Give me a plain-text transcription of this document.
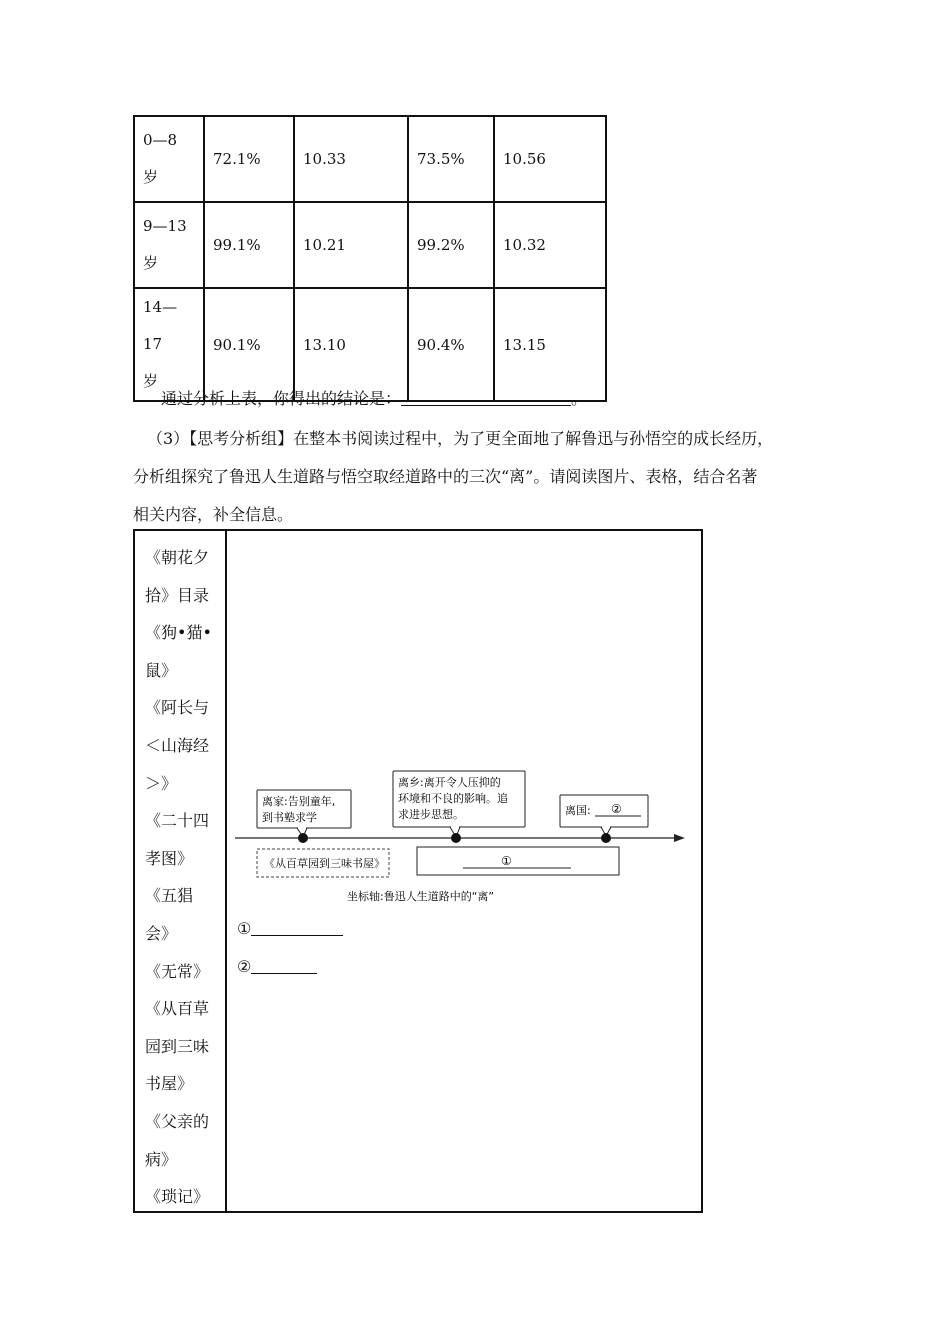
0—8
岁	72.1%	10.33	73.5%	10.56
9—13
岁	99.1%	10.21	99.2%	10.32
14—17
岁	90.1%	13.10	90.4%	13.15
通过分析上表，你得出的结论是：	。
（3）【思考分析组】在整本书阅读过程中，为了更全面地了解鲁迅与孙悟空的成长经历，
分析组探究了鲁迅人生道路与悟空取经道路中的三次“离”。请阅读图片、表格，结合名著
相关内容，补全信息。
《朝花夕
拾》目录
《狗•猫•
鼠》
《阿长与
＜山海经
＞》
《二十四
孝图》
《五猖
会》
《无常》
《从百草
园到三味
书屋》
《父亲的
病》
《琐记》
离家:告别童年,
到书塾求学
离乡:离开令人压抑的
环境和不良的影响。追
求进步思想。	离国: ②
《从百草园到三味书屋》	①
坐标轴:鲁迅人生道路中的“离”
①
②
